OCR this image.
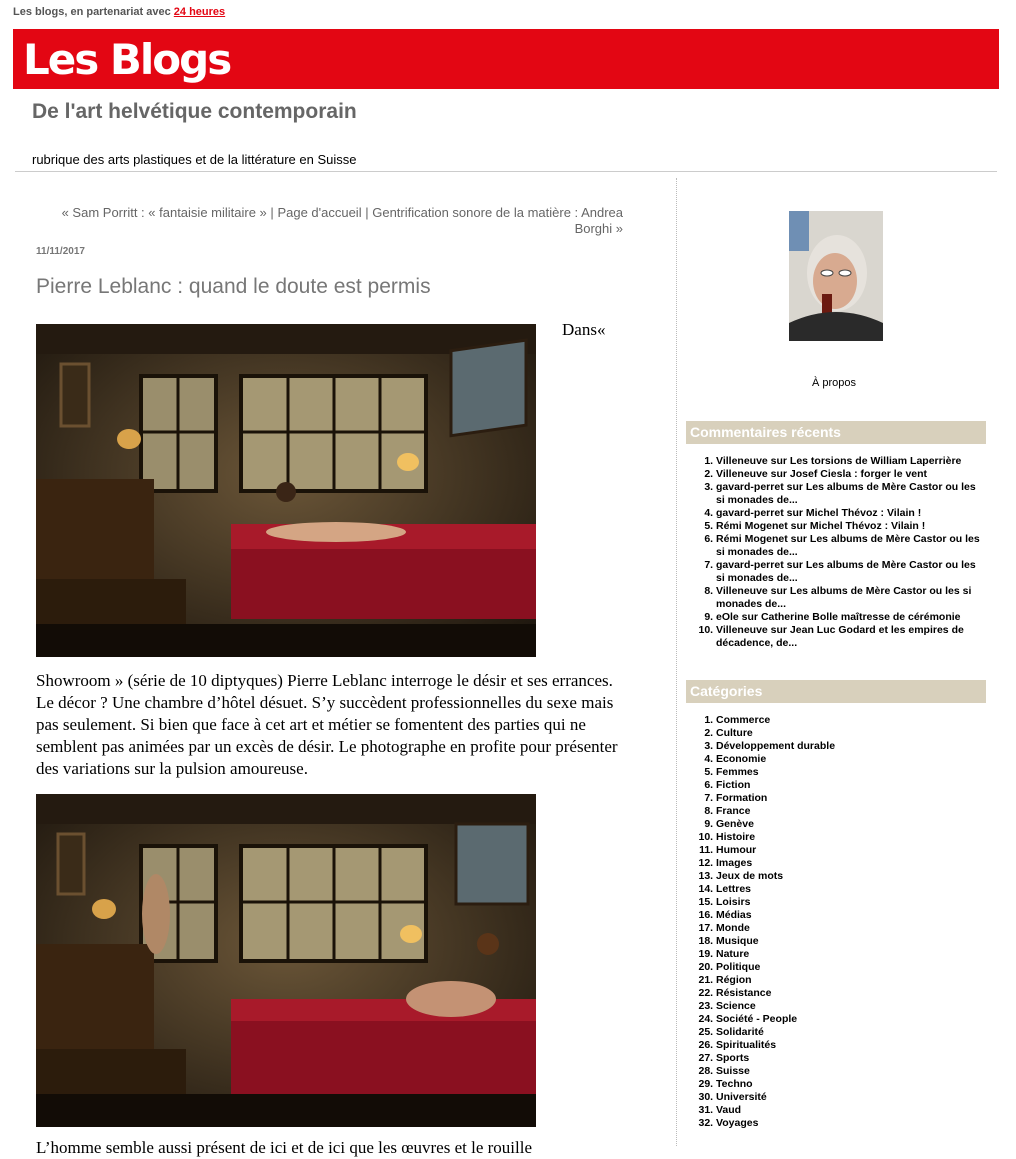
Les blogs, en partenariat avec 24 heures
Les Blogs
De l'art helvétique contemporain
rubrique des arts plastiques et de la littérature en Suisse
« Sam Porritt : « fantaisie militaire » | Page d'accueil | Gentrification sonore de la matière : Andrea Borghi »
11/11/2017
Pierre Leblanc : quand le doute est permis
Dans«
Showroom » (série de 10 diptyques) Pierre Leblanc interroge le désir et ses errances. Le décor ? Une chambre d’hôtel désuet. S’y succèdent professionnelles du sexe mais pas seulement. Si bien que face à cet art et métier se fomentent des parties qui ne semblent pas animées par un excès de désir. Le photographe en profite pour présenter des variations sur la pulsion amoureuse.
L’homme semble aussi présent de ici et de ici que les œuvres et le rouille
À propos
Commentaires récents
1. Villeneuve sur Les torsions de William Laperrière
2. Villeneuve sur Josef Ciesla : forger le vent
3. gavard-perret sur Les albums de Mère Castor ou les si monades de...
4. gavard-perret sur Michel Thévoz : Vilain !
5. Rémi Mogenet sur Michel Thévoz : Vilain !
6. Rémi Mogenet sur Les albums de Mère Castor ou les si monades de...
7. gavard-perret sur Les albums de Mère Castor ou les si monades de...
8. Villeneuve sur Les albums de Mère Castor ou les si monades de...
9. eOle sur Catherine Bolle maîtresse de cérémonie
10. Villeneuve sur Jean Luc Godard et les empires de décadence, de...
Catégories
1. Commerce
2. Culture
3. Développement durable
4. Economie
5. Femmes
6. Fiction
7. Formation
8. France
9. Genève
10. Histoire
11. Humour
12. Images
13. Jeux de mots
14. Lettres
15. Loisirs
16. Médias
17. Monde
18. Musique
19. Nature
20. Politique
21. Région
22. Résistance
23. Science
24. Société - People
25. Solidarité
26. Spiritualités
27. Sports
28. Suisse
29. Techno
30. Université
31. Vaud
32. Voyages
